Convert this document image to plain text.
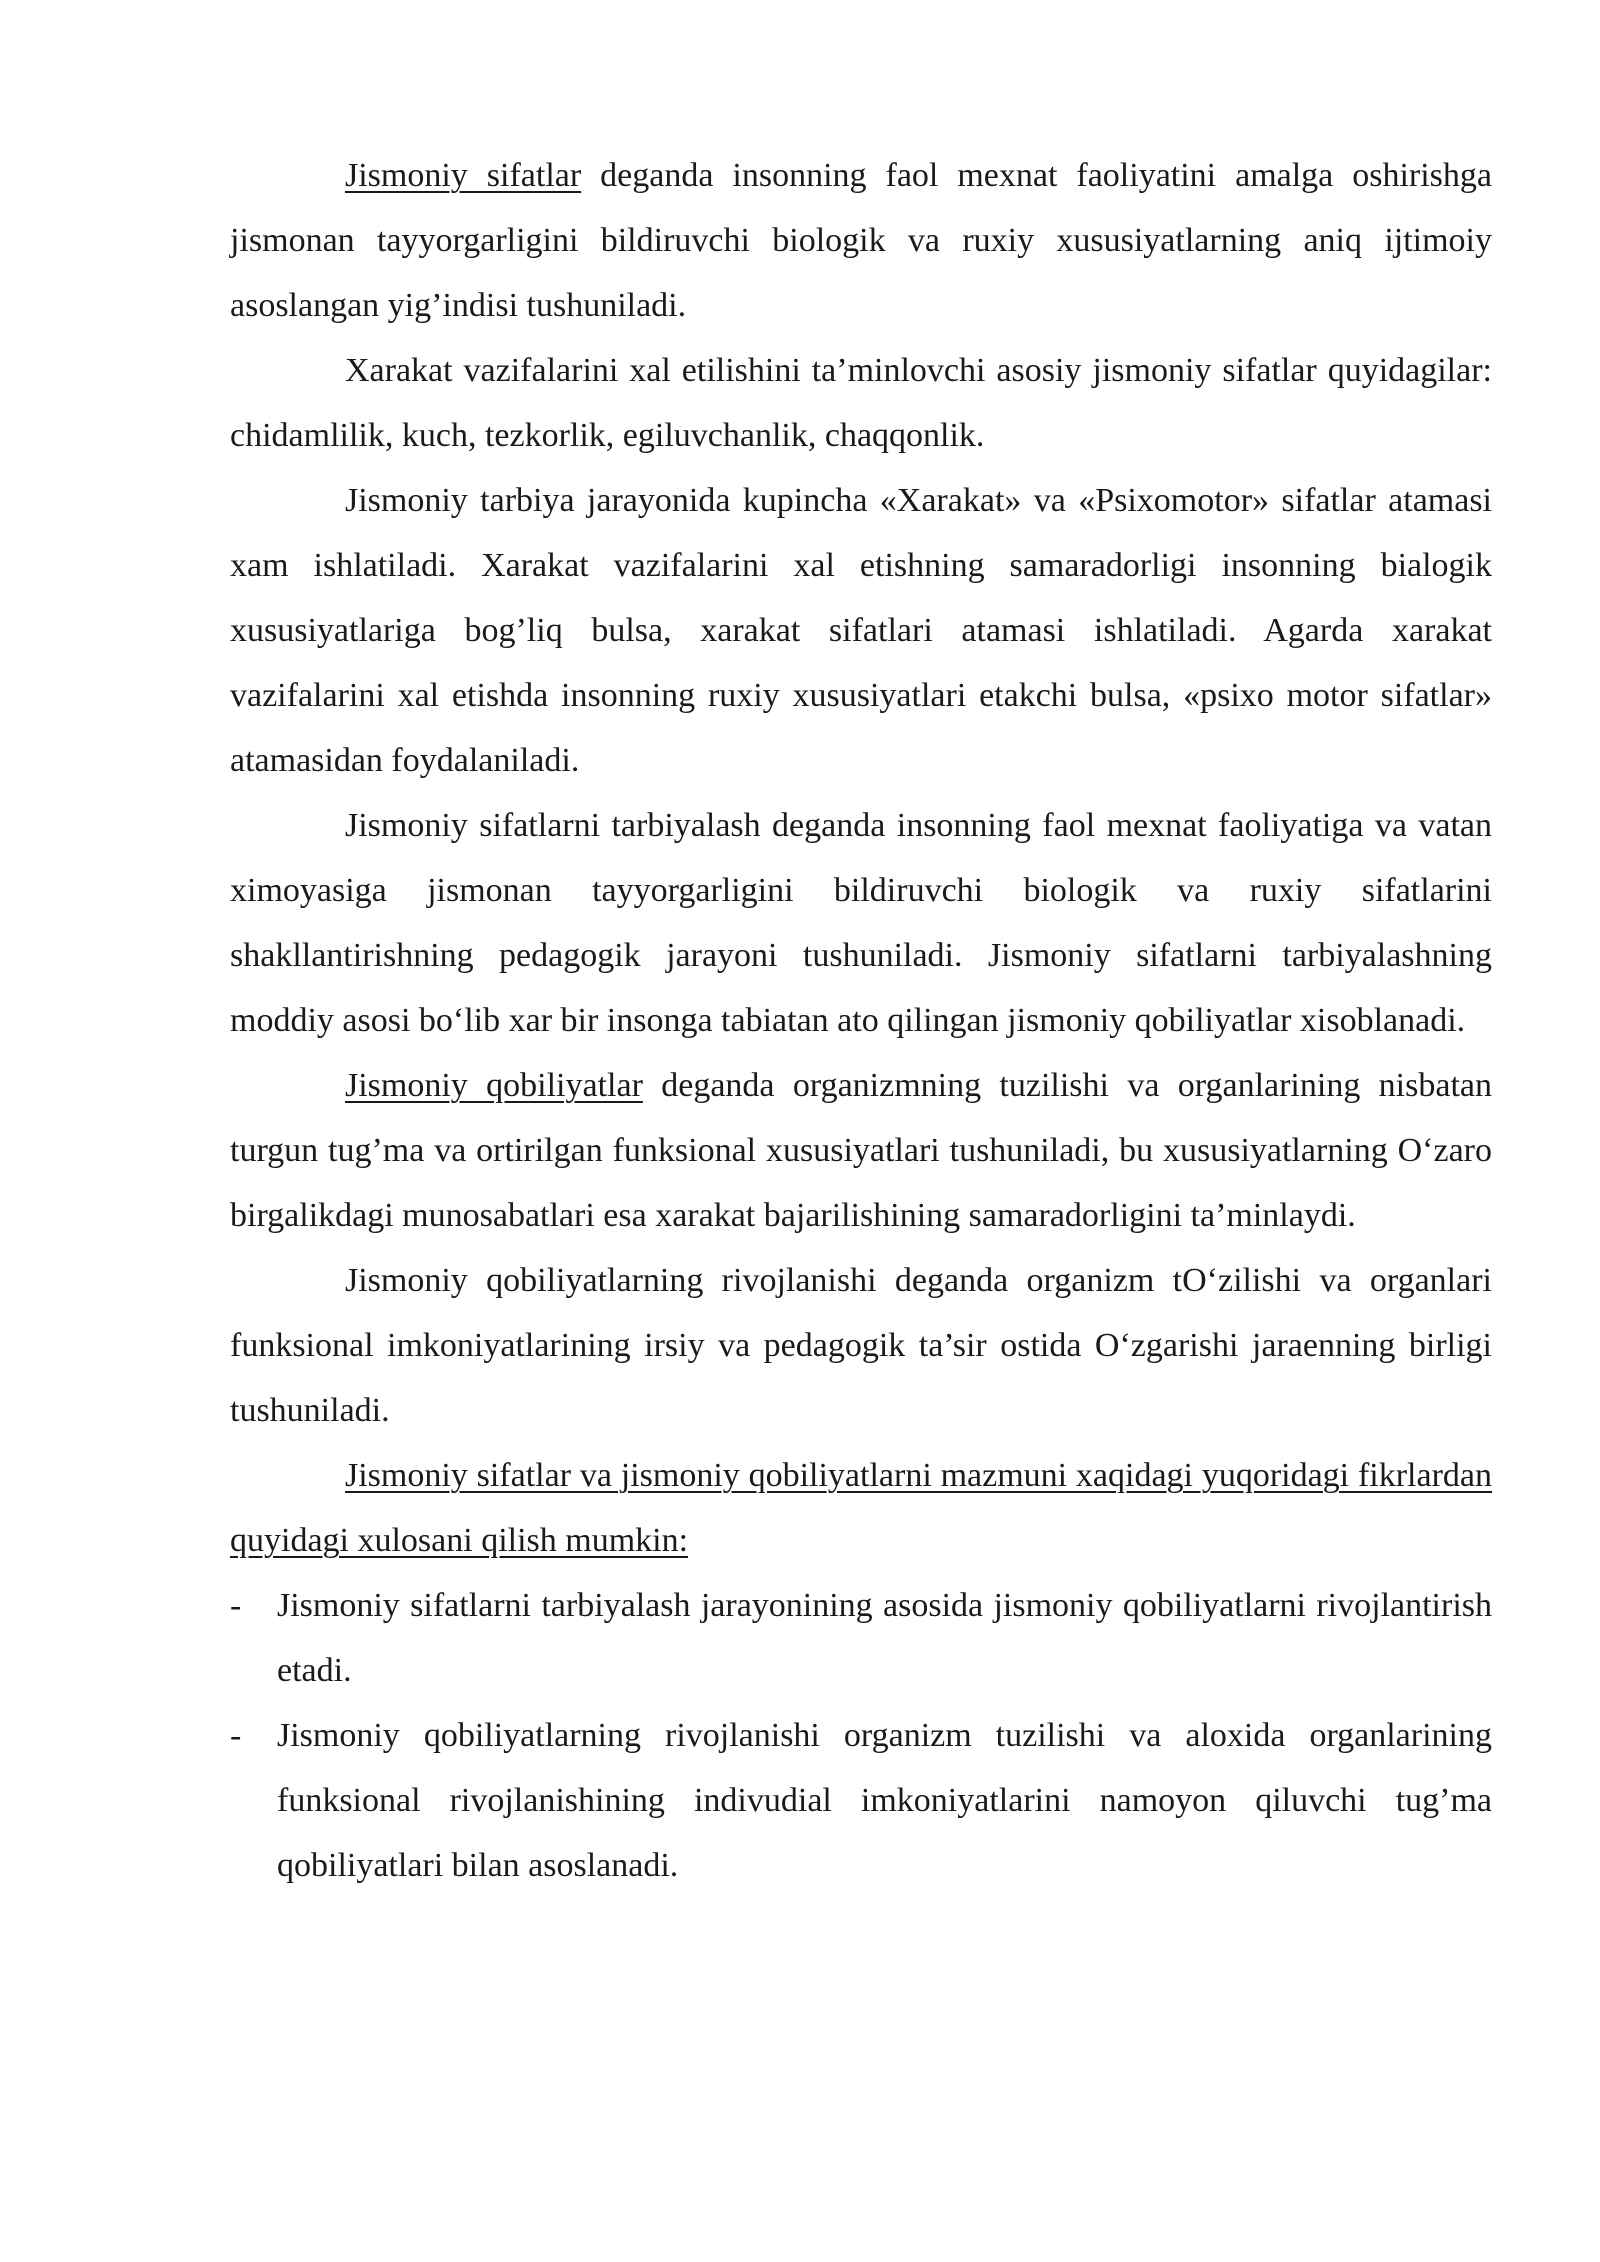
Jismoniy sifatlar deganda insonning faol mexnat faoliyatini amalga oshirishga jismonan tayyorgarligini bildiruvchi biologik va ruxiy xususiyatlarning aniq ijtimoiy asoslangan yig’indisi tushuniladi.

Xarakat vazifalarini xal etilishini ta’minlovchi asosiy jismoniy sifatlar quyidagilar: chidamlilik, kuch, tezkorlik, egiluvchanlik, chaqqonlik.

Jismoniy tarbiya jarayonida kupincha «Xarakat» va «Psixomotor» sifatlar atamasi xam ishlatiladi. Xarakat vazifalarini xal etishning samaradorligi insonning bialogik xususiyatlariga bog’liq bulsa, xarakat sifatlari atamasi ishlatiladi. Agarda xarakat vazifalarini xal etishda insonning ruxiy xususiyatlari etakchi bulsa, «psixo motor sifatlar» atamasidan foydalaniladi.

Jismoniy sifatlarni tarbiyalash deganda insonning faol mexnat faoliyatiga va vatan ximoyasiga jismonan tayyorgarligini bildiruvchi biologik va ruxiy sifatlarini shakllantirishning pedagogik jarayoni tushuniladi. Jismoniy sifatlarni tarbiyalashning moddiy asosi bo‘lib xar bir insonga tabiatan ato qilingan jismoniy qobiliyatlar xisoblanadi.

Jismoniy qobiliyatlar deganda organizmning tuzilishi va organlarining nisbatan turgun tug’ma va ortirilgan funksional xususiyatlari tushuniladi, bu xususiyatlarning O‘zaro birgalikdagi munosabatlari esa xarakat bajarilishining samaradorligini ta’minlaydi.

Jismoniy qobiliyatlarning rivojlanishi deganda organizm tO‘zilishi va organlari funksional imkoniyatlarining irsiy va pedagogik ta’sir ostida O‘zgarishi jaraenning birligi tushuniladi.

Jismoniy sifatlar va jismoniy qobiliyatlarni mazmuni xaqidagi yuqoridagi fikrlardan quyidagi xulosani qilish mumkin:

- Jismoniy sifatlarni tarbiyalash jarayonining asosida jismoniy qobiliyatlarni rivojlantirish etadi.
- Jismoniy qobiliyatlarning rivojlanishi organizm tuzilishi va aloxida organlarining funksional rivojlanishining indivudial imkoniyatlarini namoyon qiluvchi tug’ma qobiliyatlari bilan asoslanadi.
